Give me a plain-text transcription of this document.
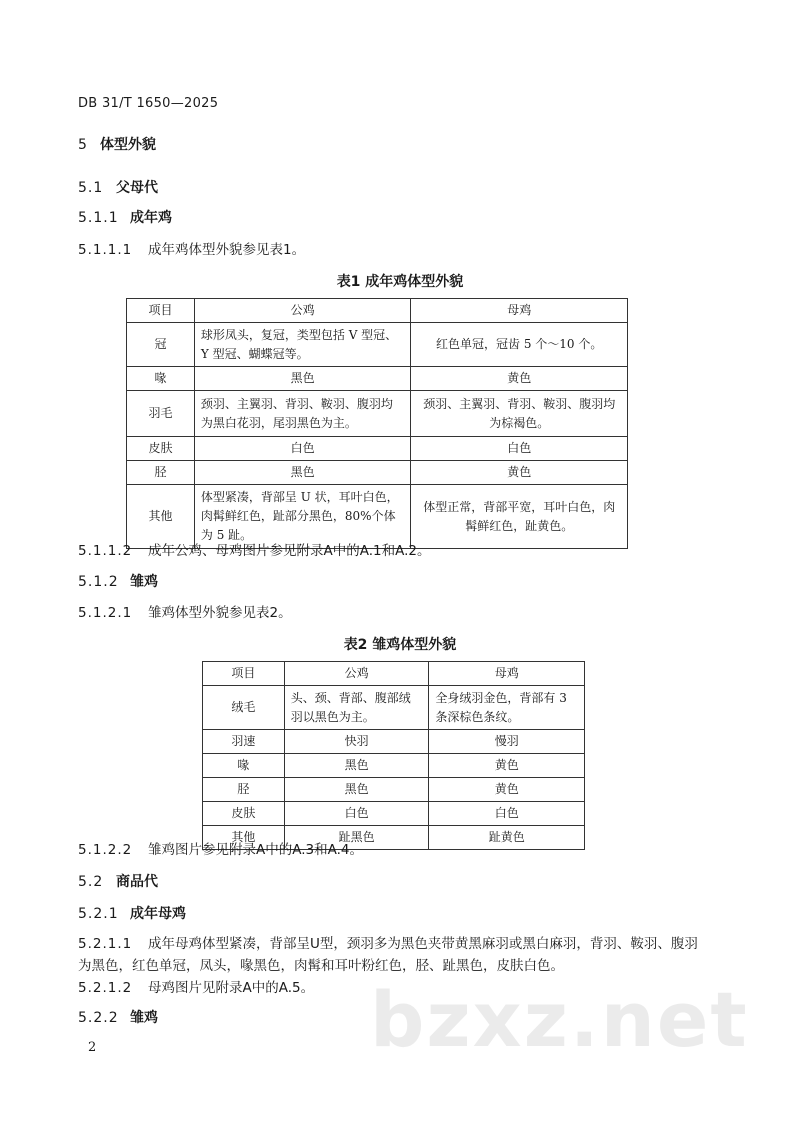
DB 31/T 1650—2025
5 体型外貌
5.1 父母代
5.1.1 成年鸡
5.1.1.1 成年鸡体型外貌参见表1。
表1 成年鸡体型外貌
项目	公鸡	母鸡
冠	球形凤头，复冠，类型包括 V 型冠、Y 型冠、蝴蝶冠等。	红色单冠，冠齿 5 个～10 个。
喙	黑色	黄色
羽毛	颈羽、主翼羽、背羽、鞍羽、腹羽均为黑白花羽，尾羽黑色为主。	颈羽、主翼羽、背羽、鞍羽、腹羽均为棕褐色。
皮肤	白色	白色
胫	黑色	黄色
其他	体型紧凑，背部呈 U 状，耳叶白色，肉髯鲜红色，趾部分黑色，80%个体为 5 趾。	体型正常，背部平宽，耳叶白色，肉髯鲜红色，趾黄色。
5.1.1.2 成年公鸡、母鸡图片参见附录A中的A.1和A.2。
5.1.2 雏鸡
5.1.2.1 雏鸡体型外貌参见表2。
表2 雏鸡体型外貌
项目	公鸡	母鸡
绒毛	头、颈、背部、腹部绒羽以黑色为主。	全身绒羽金色，背部有 3 条深棕色条纹。
羽速	快羽	慢羽
喙	黑色	黄色
胫	黑色	黄色
皮肤	白色	白色
其他	趾黑色	趾黄色
5.1.2.2 雏鸡图片参见附录A中的A.3和A.4。
5.2 商品代
5.2.1 成年母鸡
5.2.1.1 成年母鸡体型紧凑，背部呈U型，颈羽多为黑色夹带黄黑麻羽或黑白麻羽，背羽、鞍羽、腹羽
为黑色，红色单冠，凤头，喙黑色，肉髯和耳叶粉红色，胫、趾黑色，皮肤白色。
5.2.1.2 母鸡图片见附录A中的A.5。
5.2.2 雏鸡	bzxz.net
2
